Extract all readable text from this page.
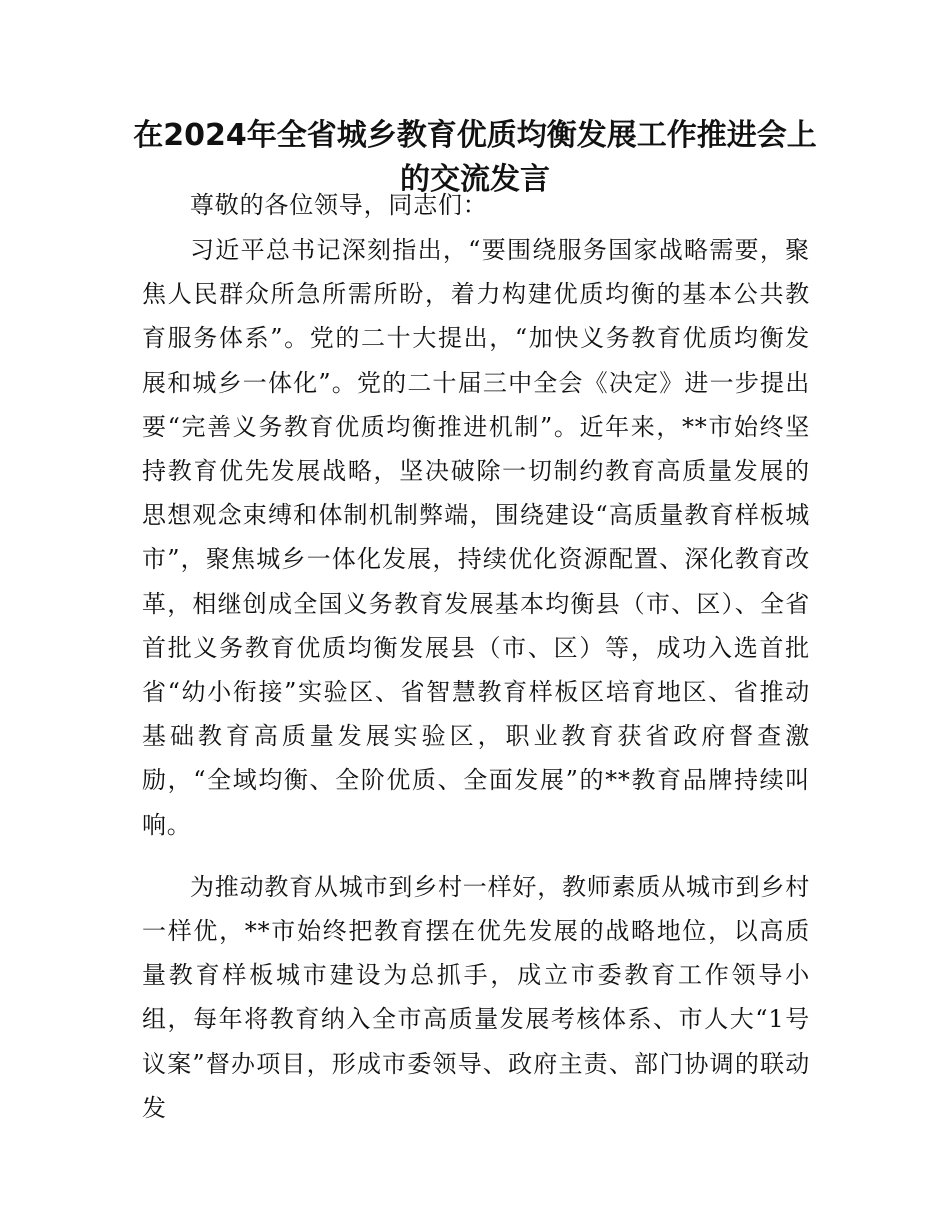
在2024年全省城乡教育优质均衡发展工作推进会上的交流发言

尊敬的各位领导，同志们：

习近平总书记深刻指出，“要围绕服务国家战略需要，聚焦人民群众所急所需所盼，着力构建优质均衡的基本公共教育服务体系”。党的二十大提出，“加快义务教育优质均衡发展和城乡一体化”。党的二十届三中全会《决定》进一步提出要“完善义务教育优质均衡推进机制”。近年来，**市始终坚持教育优先发展战略，坚决破除一切制约教育高质量发展的思想观念束缚和体制机制弊端，围绕建设“高质量教育样板城市”，聚焦城乡一体化发展，持续优化资源配置、深化教育改革，相继创成全国义务教育发展基本均衡县（市、区）、全省首批义务教育优质均衡发展县（市、区）等，成功入选首批省“幼小衔接”实验区、省智慧教育样板区培育地区、省推动基础教育高质量发展实验区，职业教育获省政府督查激励，“全域均衡、全阶优质、全面发展”的**教育品牌持续叫响。

为推动教育从城市到乡村一样好，教师素质从城市到乡村一样优，**市始终把教育摆在优先发展的战略地位，以高质量教育样板城市建设为总抓手，成立市委教育工作领导小组，每年将教育纳入全市高质量发展考核体系、市人大“1号议案”督办项目，形成市委领导、政府主责、部门协调的联动发
